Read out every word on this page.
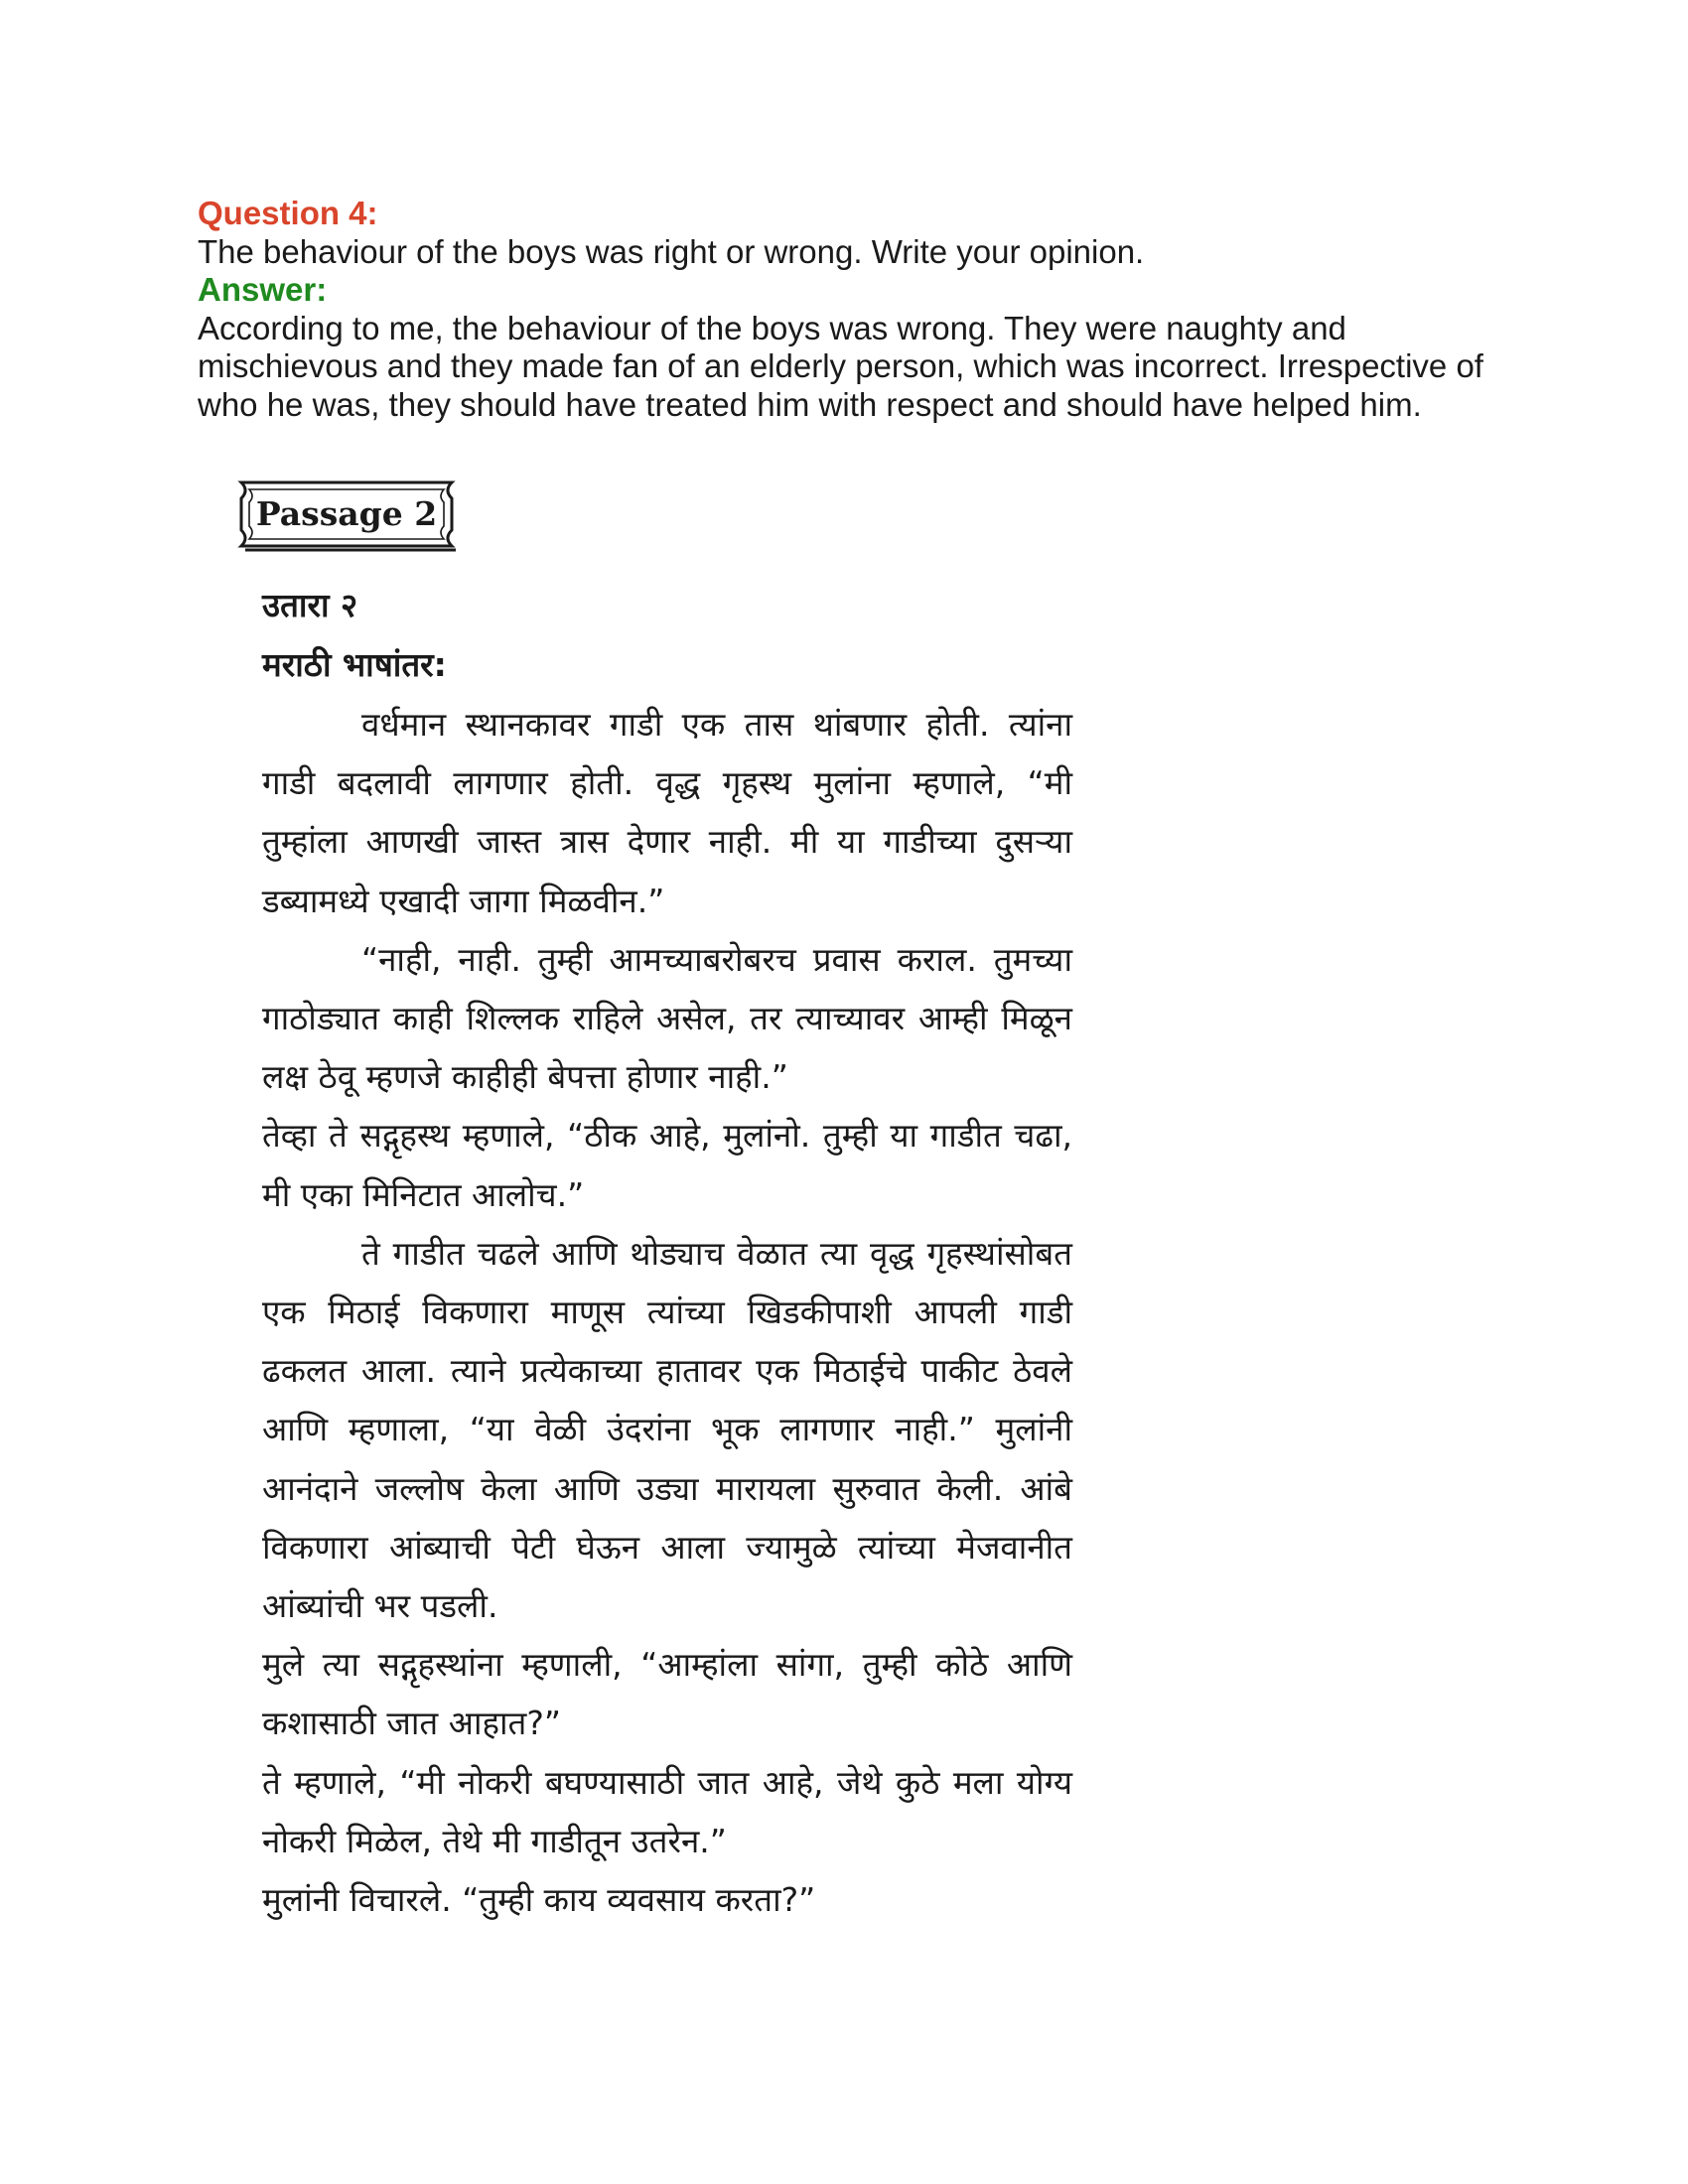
Question 4:
The behaviour of the boys was right or wrong. Write your opinion.
Answer:
According to me, the behaviour of the boys was wrong. They were naughty and mischievous and they made fan of an elderly person, which was incorrect. Irrespective of who he was, they should have treated him with respect and should have helped him.
Passage 2
उतारा २
मराठी भाषांतर:

वर्धमान स्थानकावर गाडी एक तास थांबणार होती. त्यांना गाडी बदलावी लागणार होती. वृद्ध गृहस्थ मुलांना म्हणाले, “मी तुम्हांला आणखी जास्त त्रास देणार नाही. मी या गाडीच्या दुसऱ्या डब्यामध्ये एखादी जागा मिळवीन.”

“नाही, नाही. तुम्ही आमच्याबरोबरच प्रवास कराल. तुमच्या गाठोड्यात काही शिल्लक राहिले असेल, तर त्याच्यावर आम्ही मिळून लक्ष ठेवू म्हणजे काहीही बेपत्ता होणार नाही.”

तेव्हा ते सद्गृहस्थ म्हणाले, “ठीक आहे, मुलांनो. तुम्ही या गाडीत चढा, मी एका मिनिटात आलोच.”

ते गाडीत चढले आणि थोड्याच वेळात त्या वृद्ध गृहस्थांसोबत एक मिठाई विकणारा माणूस त्यांच्या खिडकीपाशी आपली गाडी ढकलत आला. त्याने प्रत्येकाच्या हातावर एक मिठाईचे पाकीट ठेवले आणि म्हणाला, “या वेळी उंदरांना भूक लागणार नाही.” मुलांनी आनंदाने जल्लोष केला आणि उड्या मारायला सुरुवात केली. आंबे विकणारा आंब्याची पेटी घेऊन आला ज्यामुळे त्यांच्या मेजवानीत आंब्यांची भर पडली.

मुले त्या सद्गृहस्थांना म्हणाली, “आम्हांला सांगा, तुम्ही कोठे आणि कशासाठी जात आहात?”

ते म्हणाले, “मी नोकरी बघण्यासाठी जात आहे, जेथे कुठे मला योग्य नोकरी मिळेल, तेथे मी गाडीतून उतरेन.”

मुलांनी विचारले. “तुम्ही काय व्यवसाय करता?”
